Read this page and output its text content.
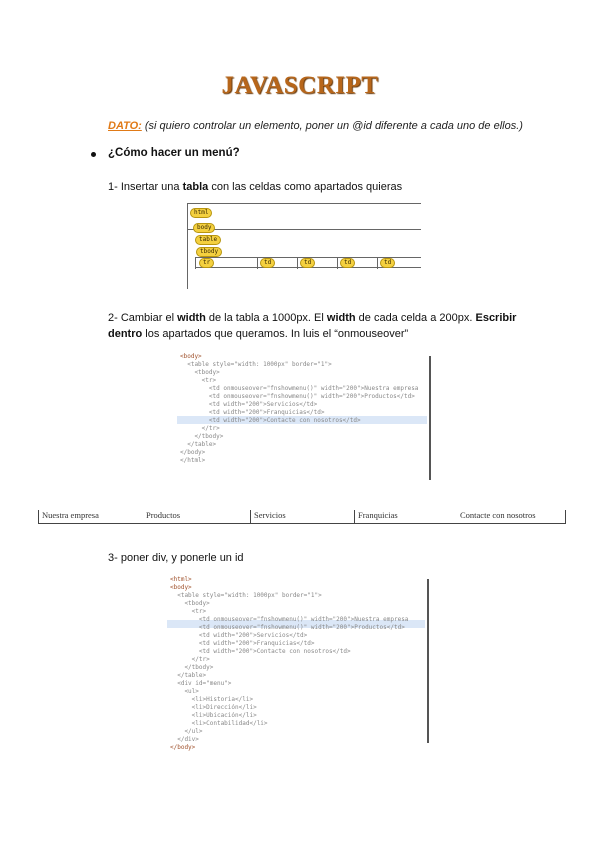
JAVASCRIPT
DATO: (si quiero controlar un elemento, poner un @id diferente a cada uno de ellos.)
¿Cómo hacer un menú?
1- Insertar una tabla con las celdas como apartados quieras
html
body
table
tbody
tr	td	td	td	td
2- Cambiar el width de la tabla a 1000px. El width de cada celda a 200px. Escribir
dentro los apartados que queramos. In luis el “onmouseover”
<body>
<table style="width: 1000px" border="1">
<tbody>
<tr>
<td onmouseover="fnshowmenu()" width="200">Nuestra empresa
<td onmouseover="fnshowmenu()" width="200">Productos</td>
<td width="200">Servicios</td>
<td width="200">Franquicias</td>
<td width="200">Contacte con nosotros</td>
</tr>
</tbody>
</table>
</body>
</html>
Nuestra empresa	Productos	Servicios	Franquicias	Contacte con nosotros
3- poner div, y ponerle un id
<html>
<body>
<table style="width: 1000px" border="1">
<tbody>
<tr>
<td onmouseover="fnshowmenu()" width="200">Nuestra empresa
<td onmouseover="fnshowmenu()" width="200">Productos</td>
<td width="200">Servicios</td>
<td width="200">Franquicias</td>
<td width="200">Contacte con nosotros</td>
</tr>
</tbody>
</table>
<div id="menu">
<ul>
<li>Historia</li>
<li>Dirección</li>
<li>Ubicación</li>
<li>Contabilidad</li>
</ul>
</div>
</body>
